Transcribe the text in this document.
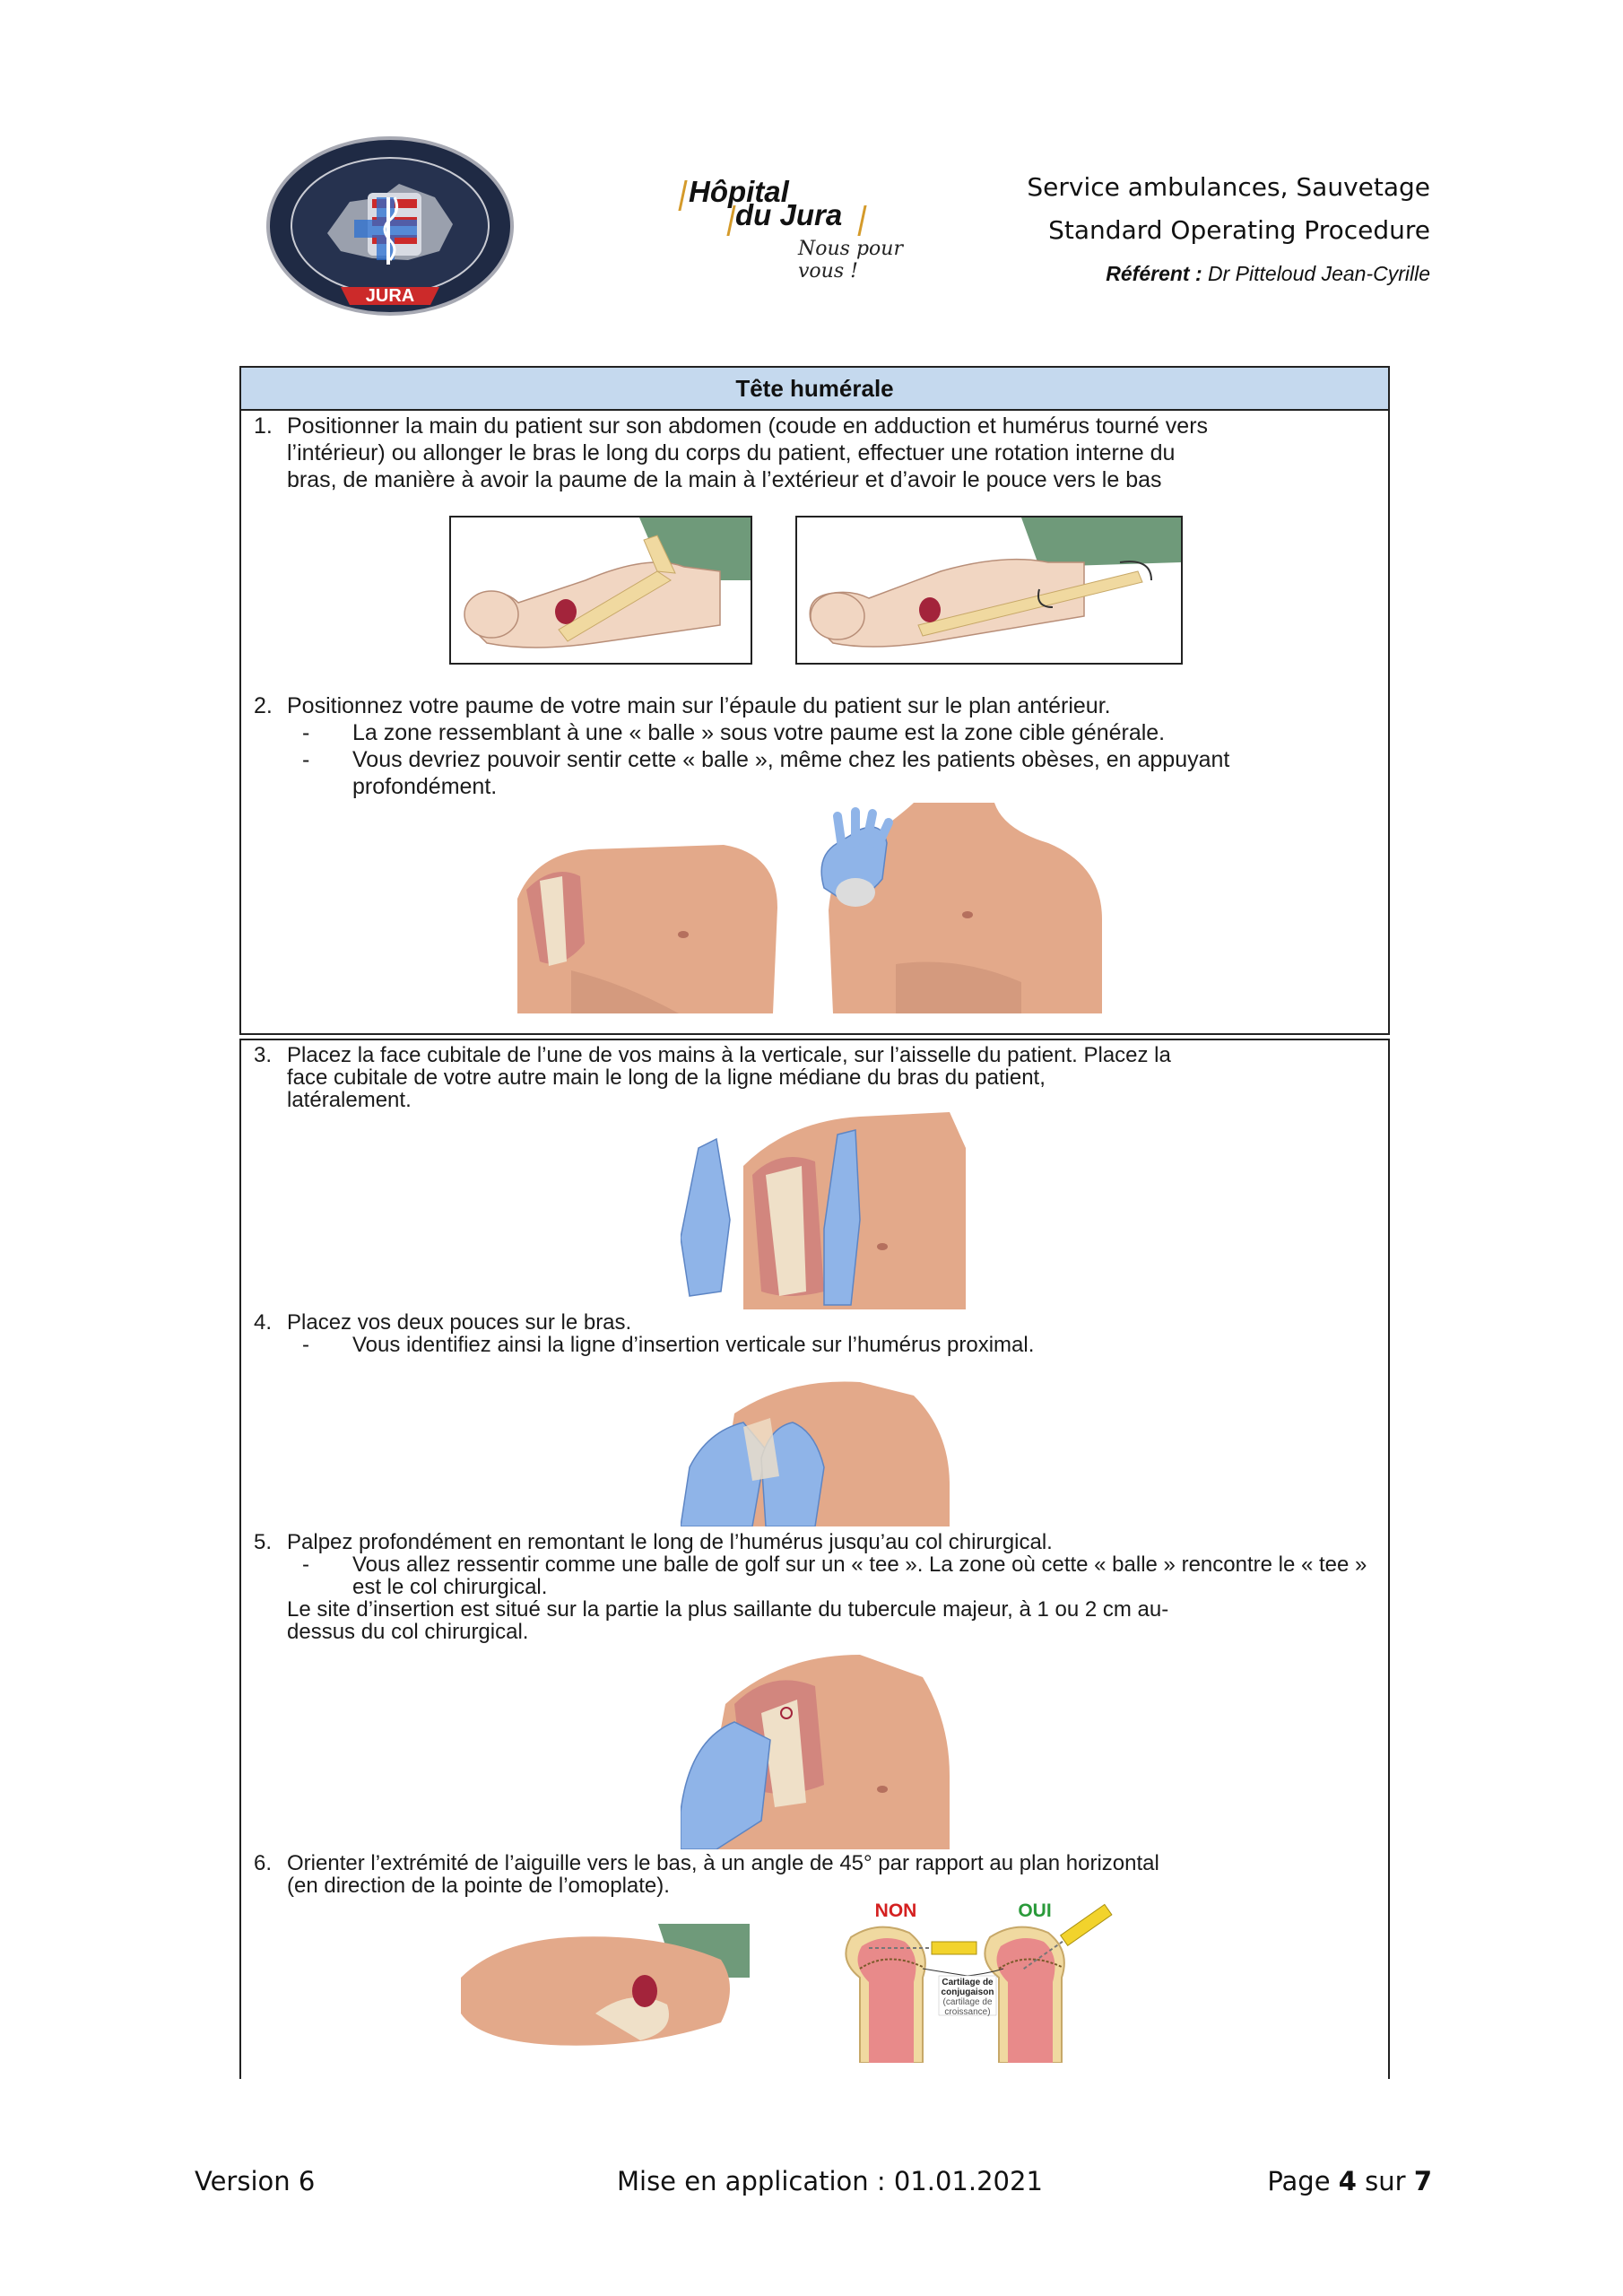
JURA
Hôpital
du Jura
Nous pour vous !
Service ambulances, Sauvetage
Standard Operating Procedure
Référent : Dr Pitteloud Jean-Cyrille
Tête humérale
1. Positionner la main du patient sur son abdomen (coude en adduction et humérus tourné vers
l’intérieur) ou allonger le bras le long du corps du patient, effectuer une rotation interne du
bras, de manière à avoir la paume de la main à l’extérieur et d’avoir le pouce vers le bas
2. Positionnez votre paume de votre main sur l’épaule du patient sur le plan antérieur.
- La zone ressemblant à une « balle » sous votre paume est la zone cible générale.
- Vous devriez pouvoir sentir cette « balle », même chez les patients obèses, en appuyant profondément.
3. Placez la face cubitale de l’une de vos mains à la verticale, sur l’aisselle du patient. Placez la
face cubitale de votre autre main le long de la ligne médiane du bras du patient,
latéralement.
4. Placez vos deux pouces sur le bras.
- Vous identifiez ainsi la ligne d’insertion verticale sur l’humérus proximal.
5. Palpez profondément en remontant le long de l’humérus jusqu’au col chirurgical.
- Vous allez ressentir comme une balle de golf sur un « tee ». La zone où cette « balle » rencontre le « tee » est le col chirurgical.
Le site d’insertion est situé sur la partie la plus saillante du tubercule majeur, à 1 ou 2 cm au-
dessus du col chirurgical.
6. Orienter l’extrémité de l’aiguille vers le bas, à un angle de 45° par rapport au plan horizontal
(en direction de la pointe de l’omoplate).
NON	OUI
Cartilage de conjugaison
(cartilage de croissance)
Version 6	Mise en application : 01.01.2021	Page 4 sur 7
